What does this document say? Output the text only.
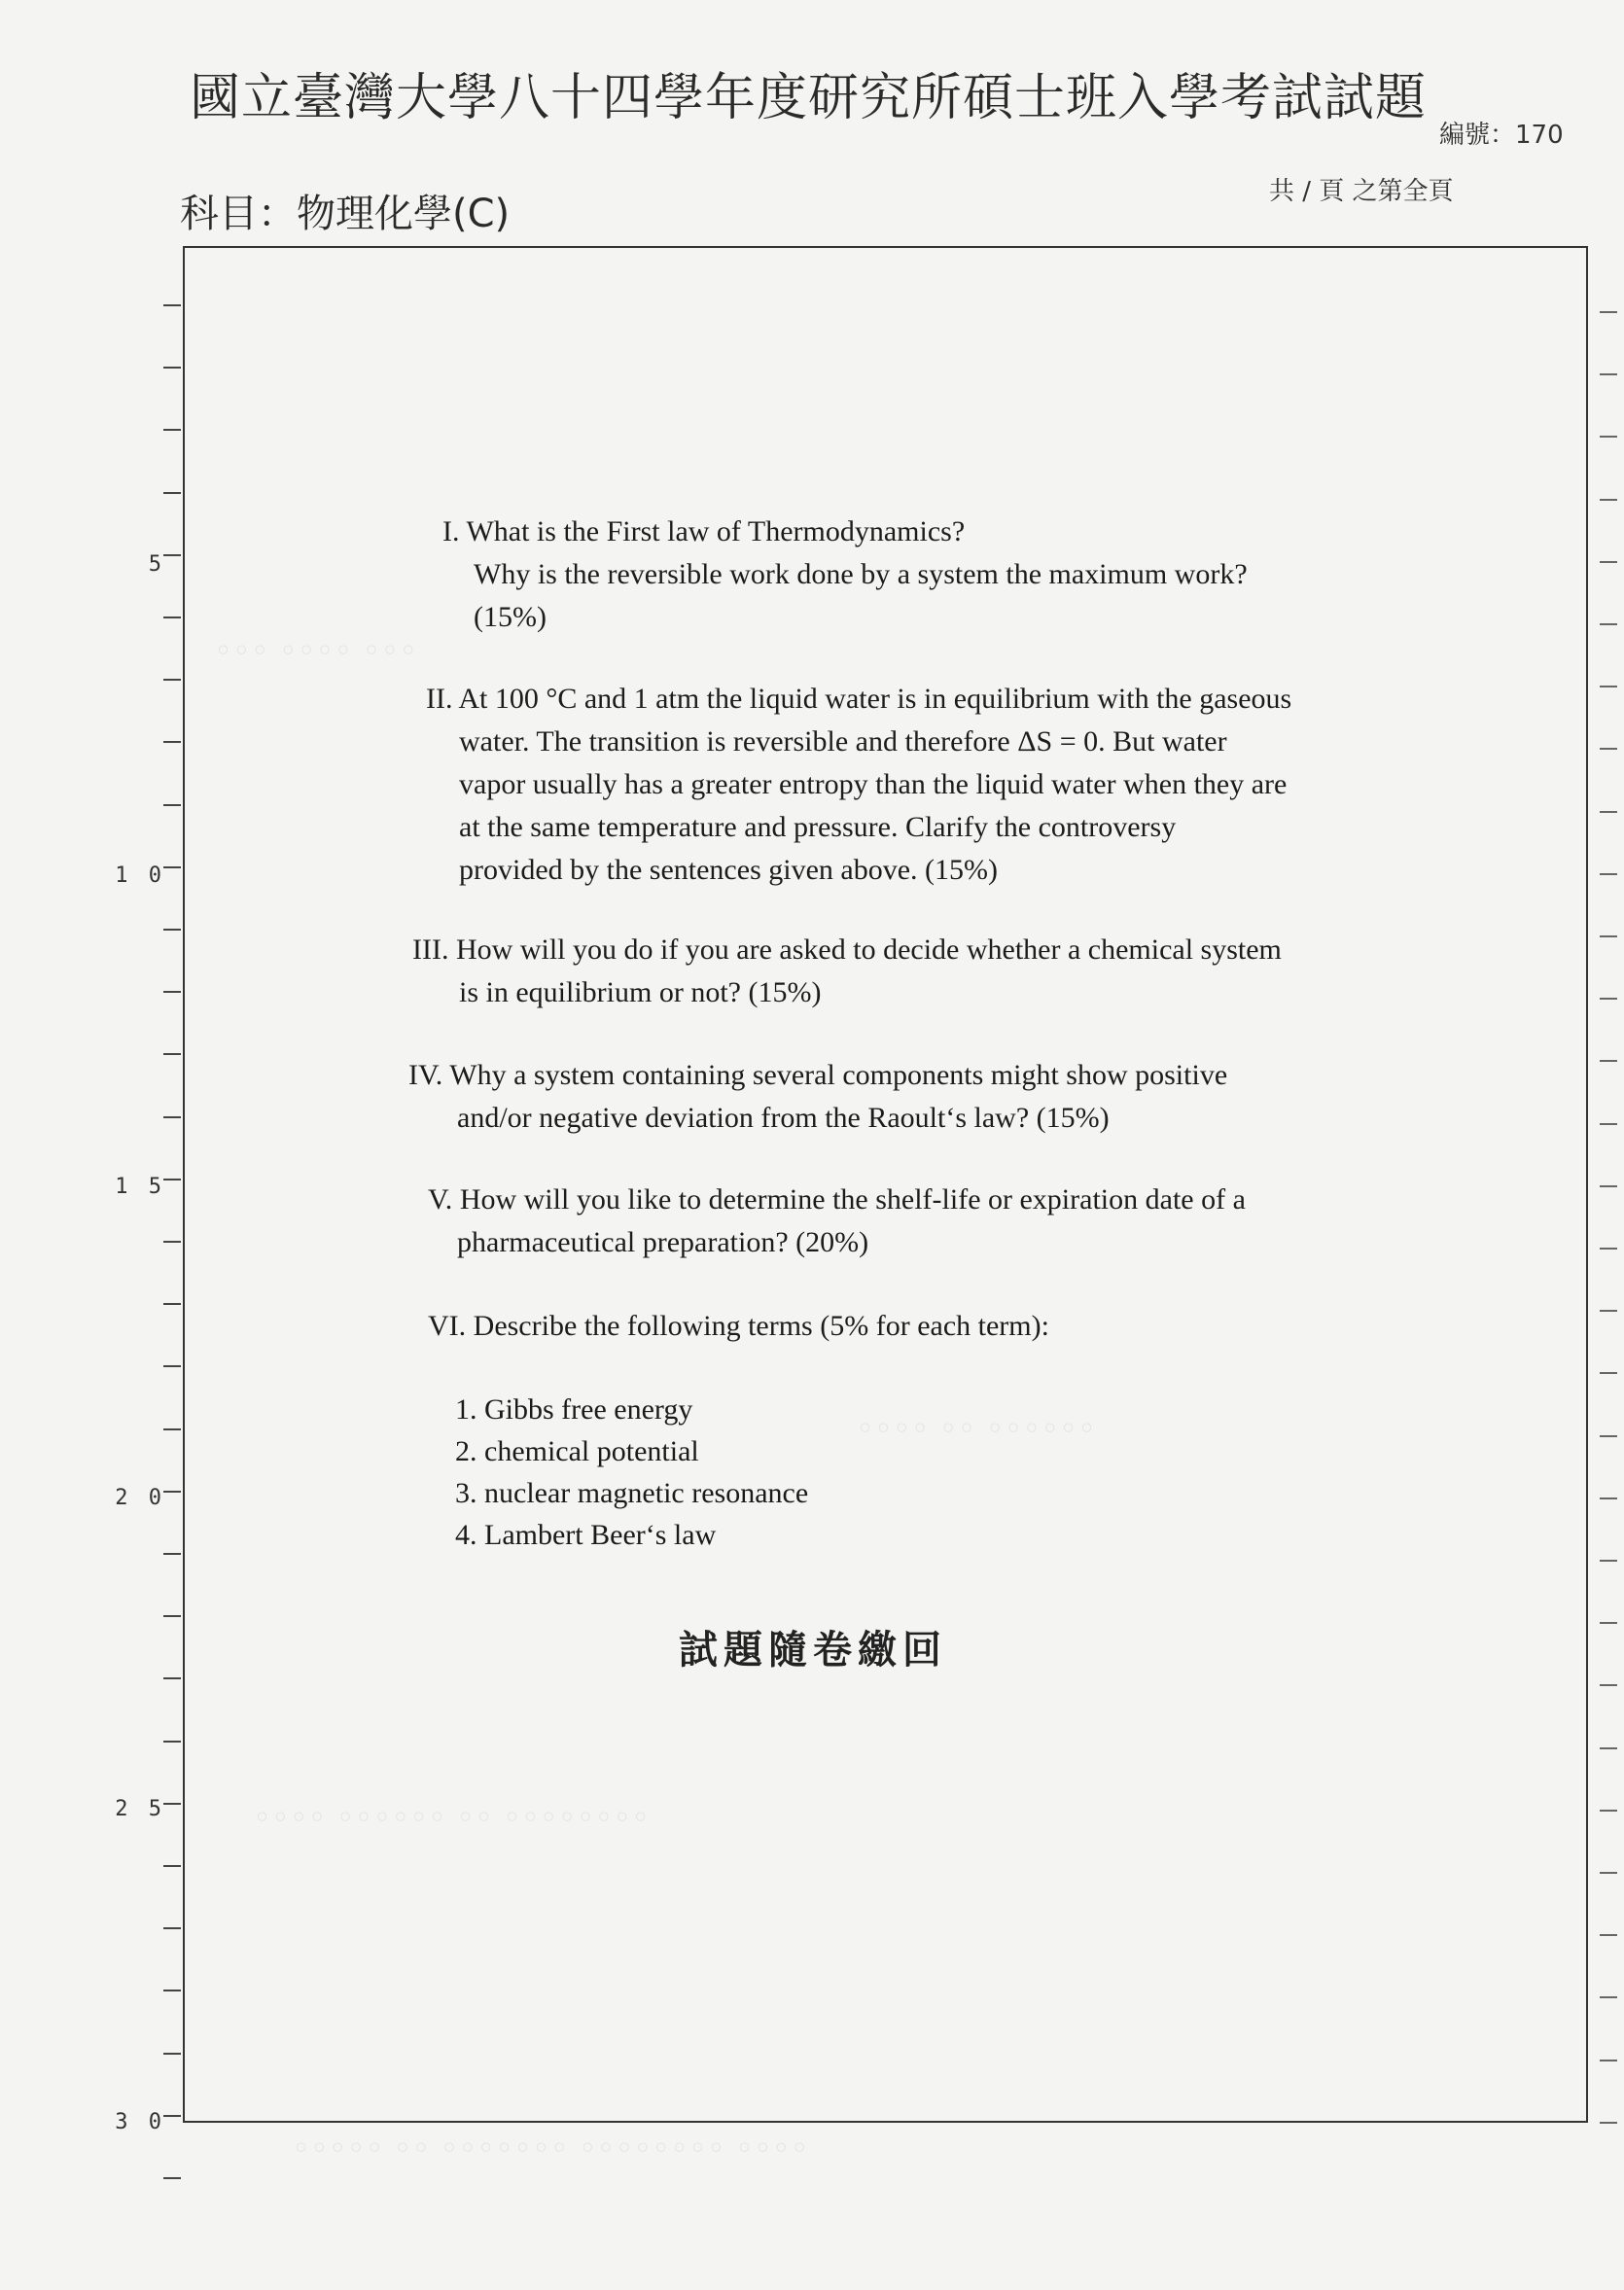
國立臺灣大學八十四學年度研究所碩士班入學考試試題
編號：170
科目：物理化學(C)	共 / 頁 之第全頁
◦◦◦ ◦◦◦◦ ◦◦◦
◦◦◦◦ ◦◦ ◦◦◦◦◦◦
◦◦◦◦ ◦◦◦◦◦◦ ◦◦ ◦◦◦◦◦◦◦◦
◦◦◦◦◦ ◦◦ ◦◦◦◦◦◦◦ ◦◦◦◦◦◦◦◦ ◦◦◦◦
5
1 0
1 5
2 0
2 5
3 0
I. What is the First law of Thermodynamics?
Why is the reversible work done by a system the maximum work?
(15%)
II. At 100 °C and 1 atm the liquid water is in equilibrium with the gaseous
water. The transition is reversible and therefore ΔS = 0. But water
vapor usually has a greater entropy than the liquid water when they are
at the same temperature and pressure. Clarify the controversy
provided by the sentences given above. (15%)
III. How will you do if you are asked to decide whether a chemical system
is in equilibrium or not? (15%)
IV. Why a system containing several components might show positive
and/or negative deviation from the Raoult‘s law? (15%)
V. How will you like to determine the shelf-life or expiration date of a
pharmaceutical preparation? (20%)
VI. Describe the following terms (5% for each term):
1. Gibbs free energy
2. chemical potential
3. nuclear magnetic resonance
4. Lambert Beer‘s law
試題隨卷繳回
